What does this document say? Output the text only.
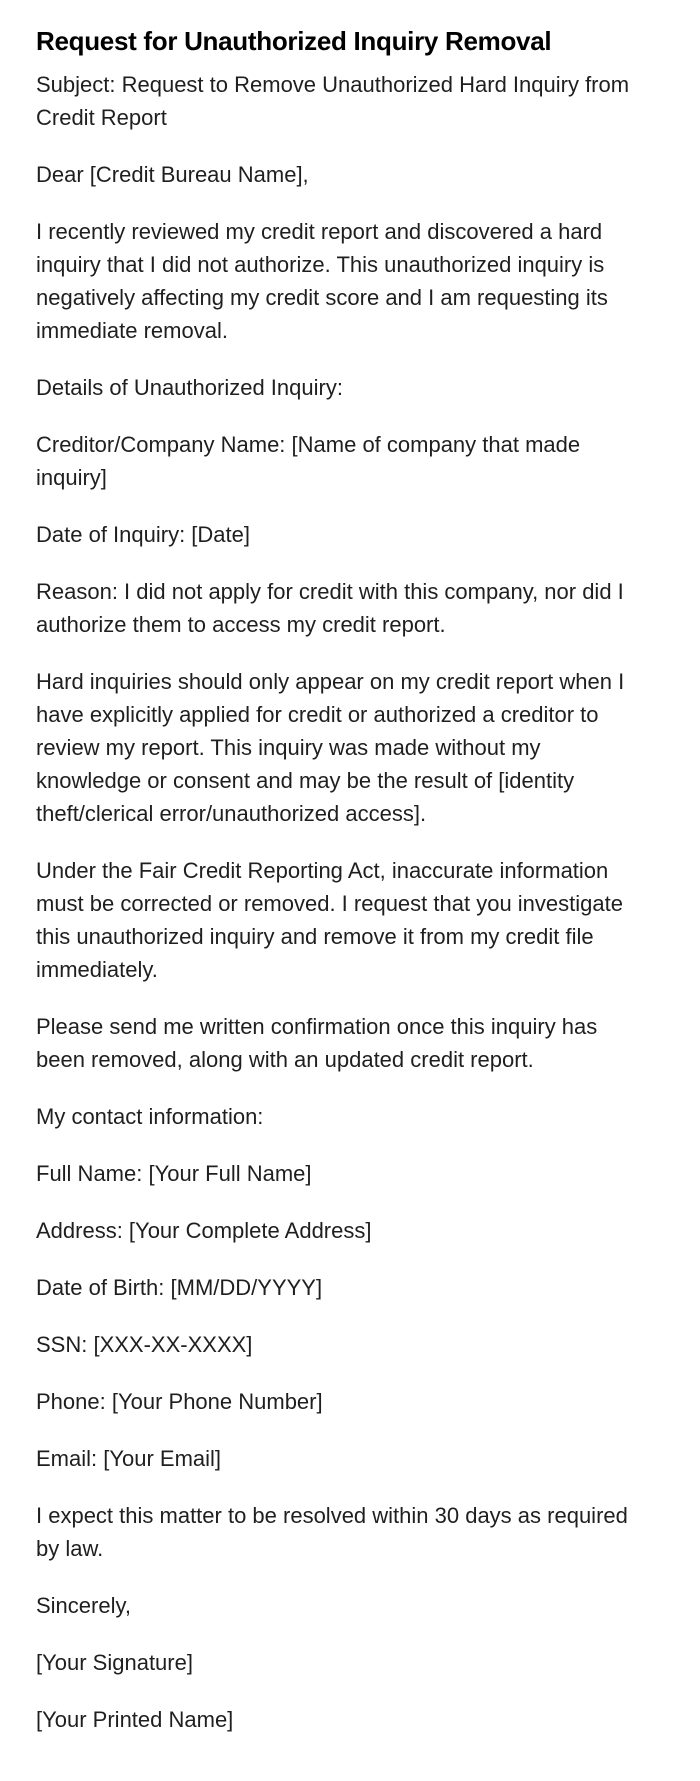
Request for Unauthorized Inquiry Removal

Subject: Request to Remove Unauthorized Hard Inquiry from Credit Report

Dear [Credit Bureau Name],

I recently reviewed my credit report and discovered a hard inquiry that I did not authorize. This unauthorized inquiry is negatively affecting my credit score and I am requesting its immediate removal.

Details of Unauthorized Inquiry:

Creditor/Company Name: [Name of company that made inquiry]

Date of Inquiry: [Date]

Reason: I did not apply for credit with this company, nor did I authorize them to access my credit report.

Hard inquiries should only appear on my credit report when I have explicitly applied for credit or authorized a creditor to review my report. This inquiry was made without my knowledge or consent and may be the result of [identity theft/clerical error/unauthorized access].

Under the Fair Credit Reporting Act, inaccurate information must be corrected or removed. I request that you investigate this unauthorized inquiry and remove it from my credit file immediately.

Please send me written confirmation once this inquiry has been removed, along with an updated credit report.

My contact information:

Full Name: [Your Full Name]

Address: [Your Complete Address]

Date of Birth: [MM/DD/YYYY]

SSN: [XXX-XX-XXXX]

Phone: [Your Phone Number]

Email: [Your Email]

I expect this matter to be resolved within 30 days as required by law.

Sincerely,

[Your Signature]

[Your Printed Name]
